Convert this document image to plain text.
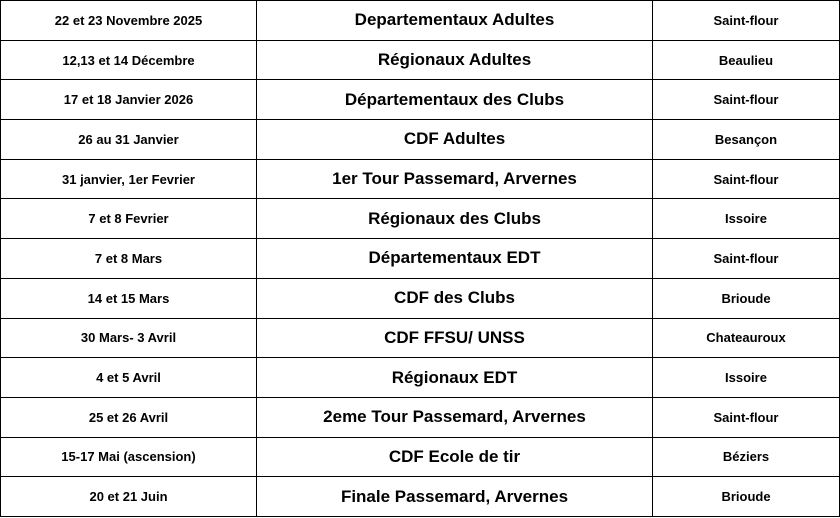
22 et 23 Novembre 2025	Departementaux Adultes	Saint-flour
12,13 et 14 Décembre	Régionaux Adultes	Beaulieu
17 et 18 Janvier 2026	Départementaux des Clubs	Saint-flour
26 au 31 Janvier	CDF Adultes	Besançon
31 janvier, 1er Fevrier	1er Tour Passemard, Arvernes	Saint-flour
7 et 8 Fevrier	Régionaux des Clubs	Issoire
7 et 8 Mars	Départementaux EDT	Saint-flour
14 et 15 Mars	CDF des Clubs	Brioude
30 Mars- 3 Avril	CDF FFSU/ UNSS	Chateauroux
4 et 5 Avril	Régionaux EDT	Issoire
25 et 26 Avril	2eme Tour Passemard, Arvernes	Saint-flour
15-17 Mai (ascension)	CDF Ecole de tir	Béziers
20 et 21 Juin	Finale Passemard, Arvernes	Brioude
